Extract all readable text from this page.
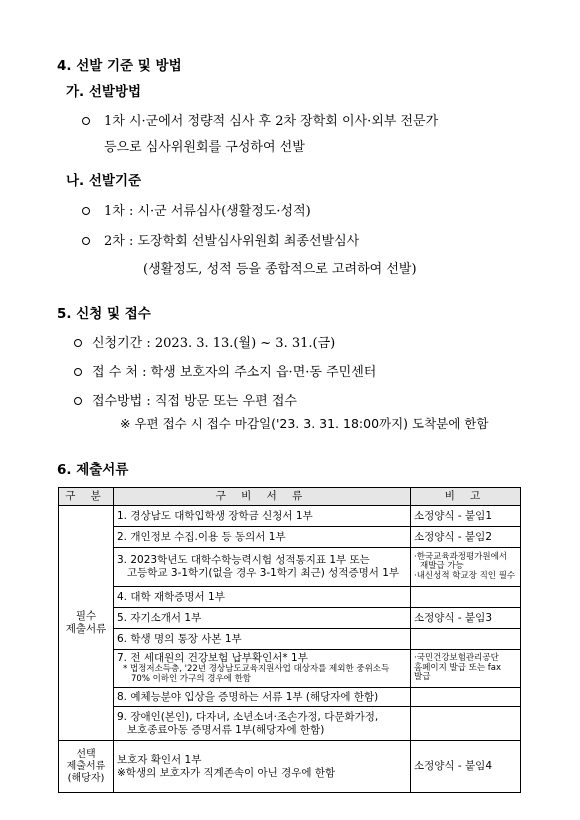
4. 선발 기준 및 방법
가. 선발방법
1차 시·군에서 정량적 심사 후 2차 장학회 이사·외부 전문가
등으로 심사위원회를 구성하여 선발
나. 선발기준
1차 : 시·군 서류심사(생활정도·성적)
2차 : 도장학회 선발심사위원회 최종선발심사
(생활정도, 성적 등을 종합적으로 고려하여 선발)
5. 신청 및 접수
신청기간 : 2023. 3. 13.(월) ~ 3. 31.(금)
접 수 처 : 학생 보호자의 주소지 읍·면·동 주민센터
접수방법 : 직접 방문 또는 우편 접수
※ 우편 접수 시 접수 마감일('23. 3. 31. 18:00까지) 도착분에 한함
6. 제출서류
구 분	구 비 서 류	비 고
필수
제출서류	1. 경상남도 대학입학생 장학금 신청서 1부	소정양식 - 붙임1
	2. 개인정보 수집.이용 등 동의서 1부	소정양식 - 붙임2

	3. 2023학년도 대학수학능력시험 성적통지표 1부 또는
고등학교 3-1학기(없을 경우 3-1학기 최근) 성적증명서 1부	·한국교육과정평가원에서
재발급 가능
·내신성적 학교장 직인 필수

	4. 대학 재학증명서 1부	
	5. 자기소개서 1부	소정양식 - 붙임3
	6. 학생 명의 통장 사본 1부	

	7. 전 세대원의 건강보험 납부확인서* 1부
* 법정저소득층, '22년 경상남도교육지원사업 대상자를 제외한 중위소득
70% 이하인 가구의 경우에 한함	·국민건강보험관리공단
홈페이지 발급 또는 fax
발급

	8. 예체능분야 입상을 증명하는 서류 1부 (해당자에 한함)	

	9. 장애인(본인), 다자녀, 소년소녀·조손가정, 다문화가정,
보호종료아동 증명서류 1부(해당자에 한함)	

선택
제출서류
(해당자)	보호자 확인서 1부
※학생의 보호자가 직계존속이 아닌 경우에 한함	소정양식 - 붙임4
